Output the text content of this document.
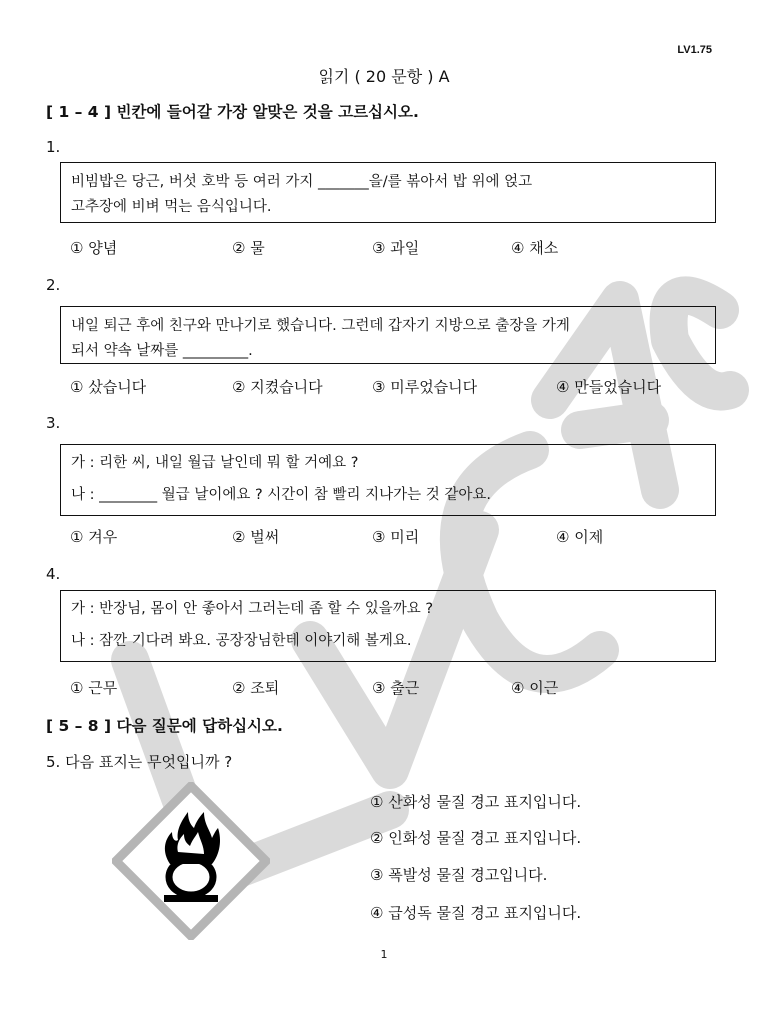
LV1.75
읽기 ( 20 문항 ) A
[ 1 – 4 ] 빈칸에 들어갈 가장 알맞은 것을 고르십시오.
1.
비빔밥은 당근, 버섯 호박 등 여러 가지 _______을/를 볶아서 밥 위에 얹고
고추장에 비벼 먹는 음식입니다.
① 양념	② 물	③ 과일	④ 채소
2.
내일 퇴근 후에 친구와 만나기로 했습니다. 그런데 갑자기 지방으로 출장을 가게
되서 약속 날짜를 _________.
① 샀습니다	② 지켰습니다	③ 미루었습니다	④ 만들었습니다
3.
가 : 리한 씨, 내일 월급 날인데 뭐 할 거예요 ?
나 : ________ 월급 날이에요 ? 시간이 참 빨리 지나가는 것 같아요.
① 겨우	② 벌써	③ 미리	④ 이제
4.
가 : 반장님, 몸이 안 좋아서 그러는데 좀 할 수 있을까요 ?
나 : 잠깐 기다려 봐요. 공장장님한테 이야기해 볼게요.
① 근무	② 조퇴	③ 출근	④ 이근
[ 5 – 8 ] 다음 질문에 답하십시오.
5. 다음 표지는 무엇입니까 ?
① 산화성 물질 경고 표지입니다.
② 인화성 물질 경고 표지입니다.
③ 폭발성 물질 경고입니다.
④ 급성독 물질 경고 표지입니다.
1
